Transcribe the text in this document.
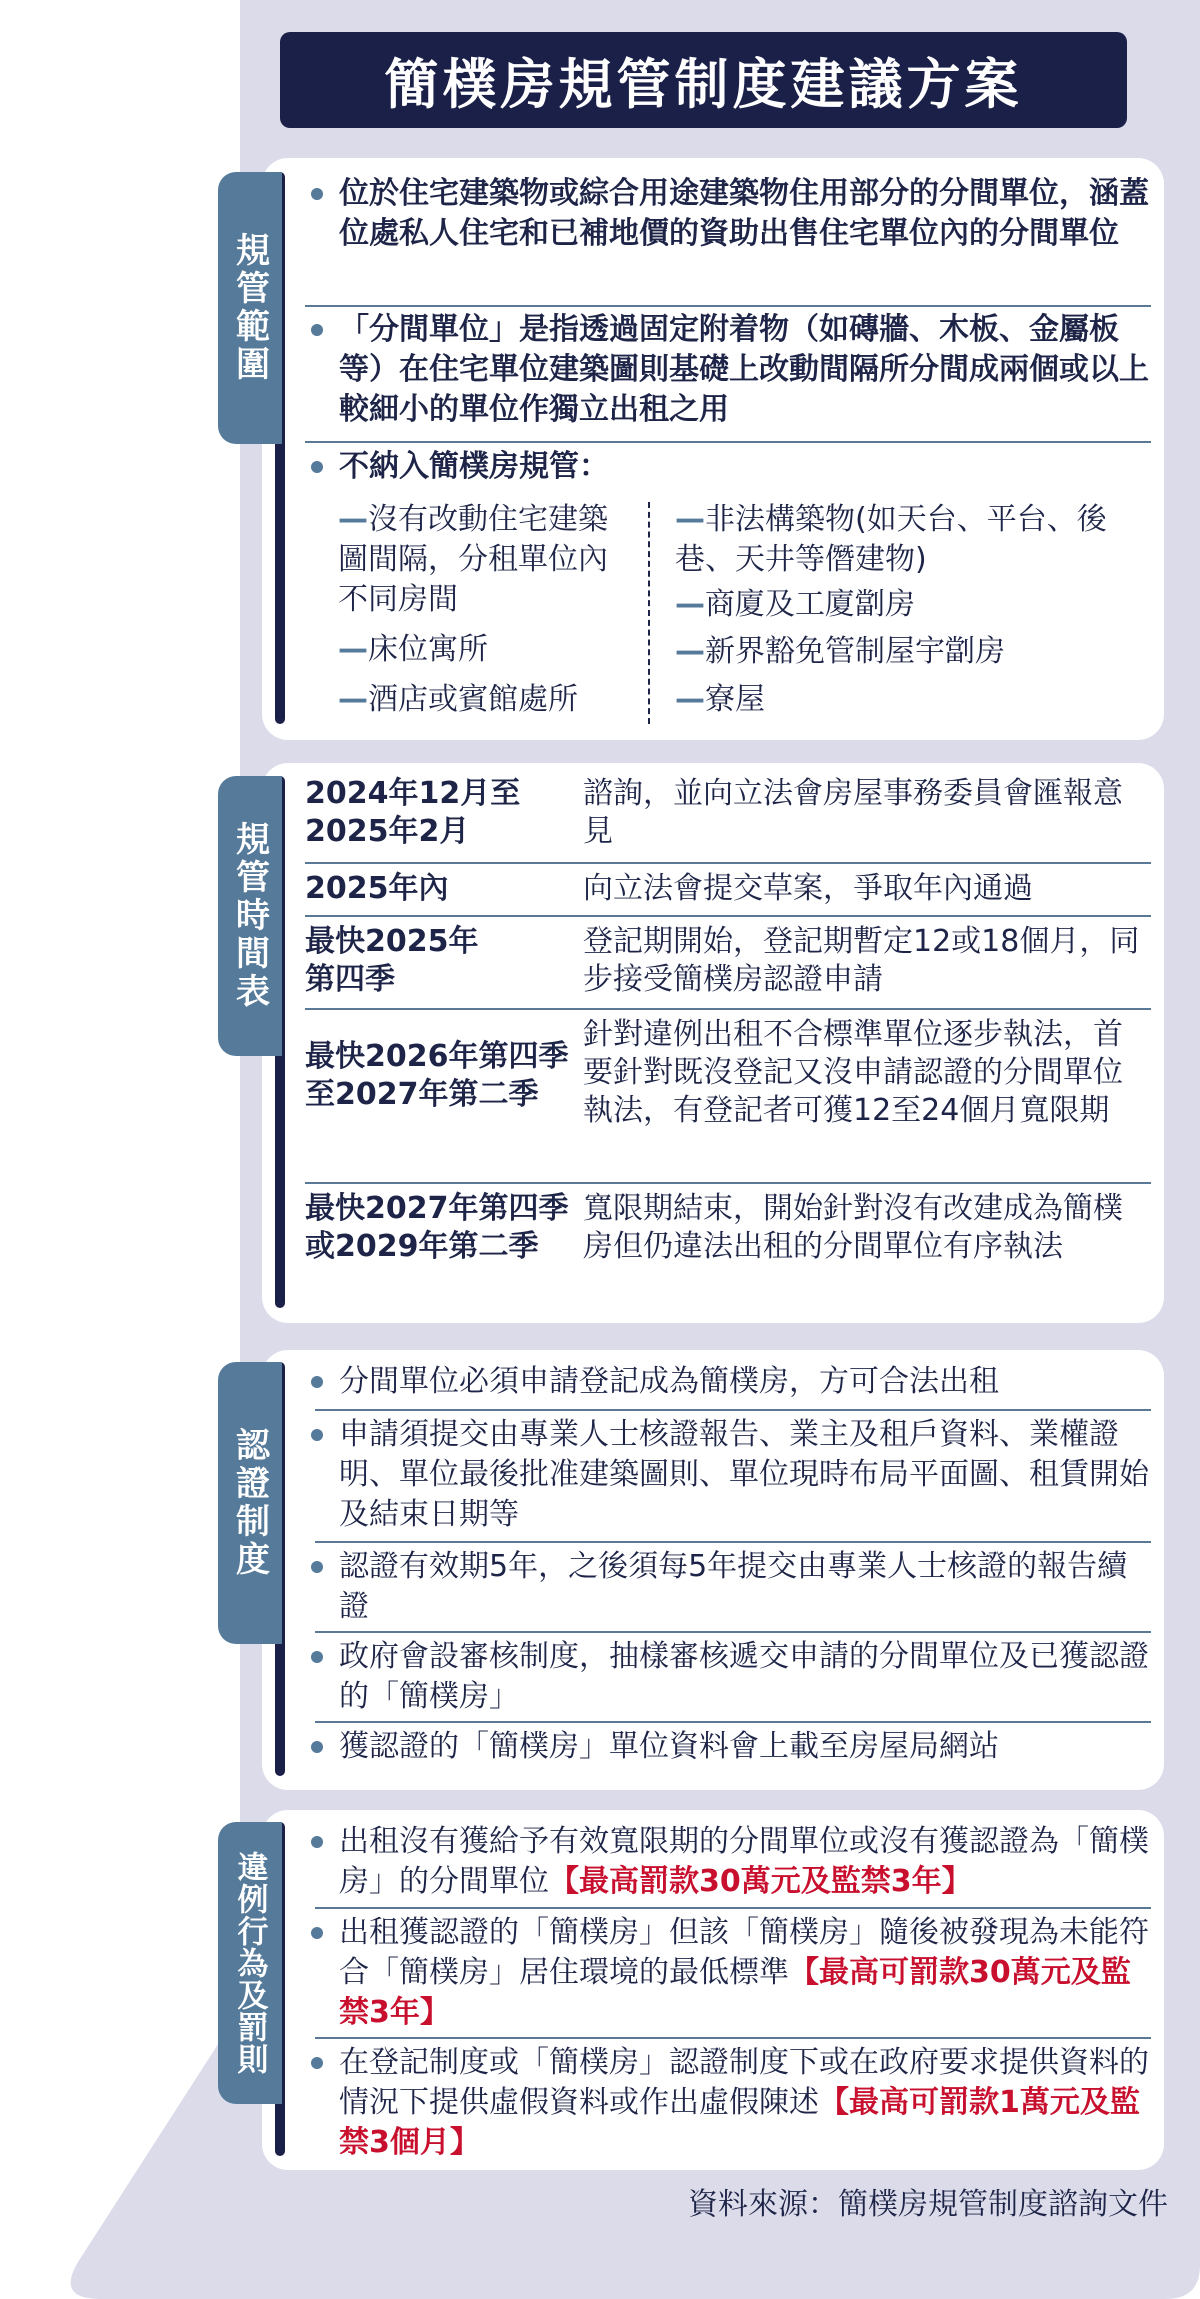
簡樸房規管制度建議方案
規管範圍
位於住宅建築物或綜合用途建築物住用部分的分間單位，涵蓋位處私人住宅和已補地價的資助出售住宅單位內的分間單位
「分間單位」是指透過固定附着物（如磚牆、木板、金屬板等）在住宅單位建築圖則基礎上改動間隔所分間成兩個或以上較細小的單位作獨立出租之用
不納入簡樸房規管：
—沒有改動住宅建築圖間隔，分租單位內不同房間
—床位寓所
—酒店或賓館處所
—非法構築物(如天台、平台、後巷、天井等僭建物)
—商廈及工廈劏房
—新界豁免管制屋宇劏房
—寮屋
規管時間表
2024年12月至2025年2月
諮詢，並向立法會房屋事務委員會匯報意見
2025年內	向立法會提交草案，爭取年內通過
最快2025年第四季
登記期開始，登記期暫定12或18個月，同步接受簡樸房認證申請
最快2026年第四季至2027年第二季
針對違例出租不合標準單位逐步執法，首要針對既沒登記又沒申請認證的分間單位執法，有登記者可獲12至24個月寬限期
最快2027年第四季或2029年第二季
寬限期結束，開始針對沒有改建成為簡樸房但仍違法出租的分間單位有序執法
認證制度
分間單位必須申請登記成為簡樸房，方可合法出租
申請須提交由專業人士核證報告、業主及租戶資料、業權證明、單位最後批准建築圖則、單位現時布局平面圖、租賃開始及結束日期等
認證有效期5年，之後須每5年提交由專業人士核證的報告續證
政府會設審核制度，抽樣審核遞交申請的分間單位及已獲認證的「簡樸房」
獲認證的「簡樸房」單位資料會上載至房屋局網站
違例行為及罰則
出租沒有獲給予有效寬限期的分間單位或沒有獲認證為「簡樸房」的分間單位【最高罰款30萬元及監禁3年】
出租獲認證的「簡樸房」但該「簡樸房」隨後被發現為未能符合「簡樸房」居住環境的最低標準【最高可罰款30萬元及監禁3年】
在登記制度或「簡樸房」認證制度下或在政府要求提供資料的情況下提供虛假資料或作出虛假陳述【最高可罰款1萬元及監禁3個月】
資料來源：簡樸房規管制度諮詢文件
